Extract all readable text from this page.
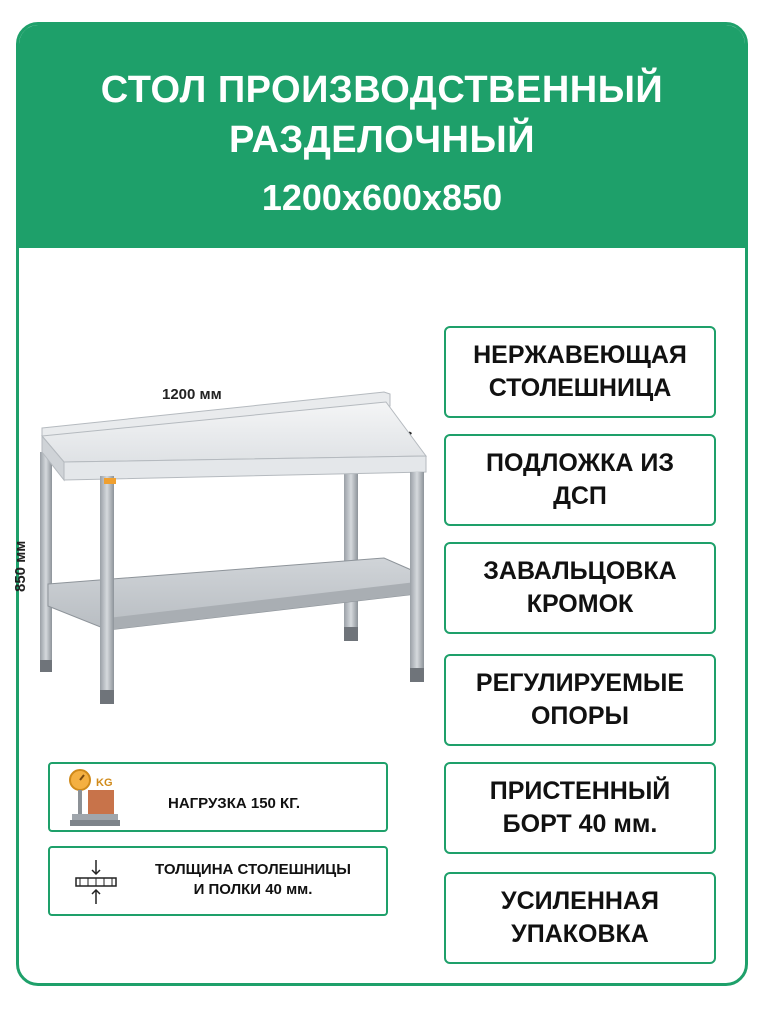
СТОЛ ПРОИЗВОДСТВЕННЫЙ
РАЗДЕЛОЧНЫЙ
1200x600x850
1200 мм
850 мм
KG
НАГРУЗКА 150 КГ.
ТОЛЩИНА СТОЛЕШНИЦЫ
И ПОЛКИ 40 мм.
НЕРЖАВЕЮЩАЯ
СТОЛЕШНИЦА
ПОДЛОЖКА ИЗ
ДСП
ЗАВАЛЬЦОВКА
КРОМОК
РЕГУЛИРУЕМЫЕ
ОПОРЫ
ПРИСТЕННЫЙ
БОРТ 40 мм.
УСИЛЕННАЯ
УПАКОВКА
